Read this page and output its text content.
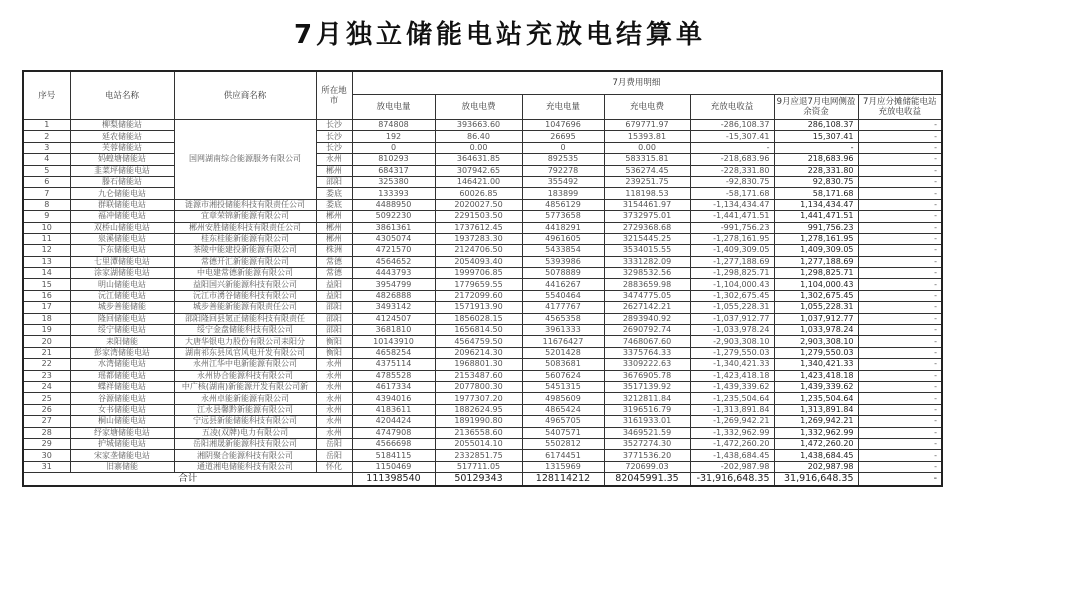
7月独立储能电站充放电结算单
序号	电站名称	供应商名称	所在地市	7月费用明细						
				放电电量	放电电费	充电电量	充电电费	充放电收益	9月应退7月电网侧盈余资金	7月应分摊储能电站充放电收益
1	柳梨储能站	国网湖南综合能源服务有限公司	长沙	874808	393663.60	1047696	679771.97	-286,108.37	286,108.37	-
2	延农储能站		长沙	192	86.40	26695	15393.81	-15,307.41	15,307.41	-
3	芙蓉储能站		长沙	0	0.00	0	0.00	-	-	-
4	妈蝗塘储能站		永州	810293	364631.85	892535	583315.81	-218,683.96	218,683.96	-
5	韭菜坪储能电站		郴州	684317	307942.65	792278	536274.45	-228,331.80	228,331.80	-
6	滕石储能站		邵阳	325380	146421.00	355492	239251.75	-92,830.75	92,830.75	-
7	九仑储能电站		娄底	133393	60026.85	183899	118198.53	-58,171.68	58,171.68	-
8	群联储能电站	涟源市湘投储能科技有限责任公司	娄底	4488950	2020027.50	4856129	3154461.97	-1,134,434.47	1,134,434.47	-
9	福冲储能电站	宜章荣锦新能源有限公司	郴州	5092230	2291503.50	5773658	3732975.01	-1,441,471.51	1,441,471.51	-
10	双桥山储能电站	郴州安胜储能科技有限责任公司	郴州	3861361	1737612.45	4418291	2729368.68	-991,756.23	991,756.23	-
11	泉溪储能电站	桂东桂能新能源有限公司	郴州	4305074	1937283.30	4961605	3215445.25	-1,278,161.95	1,278,161.95	-
12	下东储能电站	茶陵中能建投新能源有限公司	株洲	4721570	2124706.50	5433854	3534015.55	-1,409,309.05	1,409,309.05	-
13	七里潭储能电站	常德开汇新能源有限公司	常德	4564652	2054093.40	5393986	3331282.09	-1,277,188.69	1,277,188.69	-
14	涂家湖储能电站	中电建常德新能源有限公司	常德	4443793	1999706.85	5078889	3298532.56	-1,298,825.71	1,298,825.71	-
15	明山储能电站	益阳国兴新能源科技有限公司	益阳	3954799	1779659.55	4416267	2883659.98	-1,104,000.43	1,104,000.43	-
16	沅江储能电站	沅江市湧谷储能科技有限公司	益阳	4826888	2172099.60	5540464	3474775.05	-1,302,675.45	1,302,675.45	-
17	城步善能储能	城步善能新能源有限责任公司	邵阳	3493142	1571913.90	4177767	2627142.21	-1,055,228.31	1,055,228.31	-
18	隆回储能电站	邵阳隆回县氪正储能科技有限责任	邵阳	4124507	1856028.15	4565358	2893940.92	-1,037,912.77	1,037,912.77	-
19	绥宁储能电站	绥宁金盘储能科技有限公司	邵阳	3681810	1656814.50	3961333	2690792.74	-1,033,978.24	1,033,978.24	-
20	耒阳储能	大唐华银电力股份有限公司耒阳分	衡阳	10143910	4564759.50	11676427	7468067.60	-2,903,308.10	2,903,308.10	-
21	彭家湾储能电站	湖南祁东县凤官风电开发有限公司	衡阳	4658254	2096214.30	5201428	3375764.33	-1,279,550.03	1,279,550.03	-
22	水湾储能电站	永州江华中电新能源有限公司	永州	4375114	1968801.30	5083681	3309222.63	-1,340,421.33	1,340,421.33	-
23	瑶都储能电站	永州协合能源科技有限公司	永州	4785528	2153487.60	5607624	3676905.78	-1,423,418.18	1,423,418.18	-
24	蝶祥储能电站	中广核(湖南)新能源开发有限公司新	永州	4617334	2077800.30	5451315	3517139.92	-1,439,339.62	1,439,339.62	-
25	谷源储能电站	永州卓能新能源有限公司	永州	4394016	1977307.20	4985609	3212811.84	-1,235,504.64	1,235,504.64	-
26	女书储能电站	江永县馨黔新能源有限公司	永州	4183611	1882624.95	4865424	3196516.79	-1,313,891.84	1,313,891.84	-
27	桐山储能电站	宁远县新能储能科技有限公司	永州	4204424	1891990.80	4965705	3161933.01	-1,269,942.21	1,269,942.21	-
28	纾家塘储能电站	五凌(双牌)电力有限公司	永州	4747908	2136558.60	5407571	3469521.59	-1,332,962.99	1,332,962.99	-
29	护城储能电站	岳阳湘晟新能源科技有限公司	岳阳	4566698	2055014.10	5502812	3527274.30	-1,472,260.20	1,472,260.20	-
30	宋家垄储能电站	湘阴聚合能源科技有限公司	岳阳	5184115	2332851.75	6174451	3771536.20	-1,438,684.45	1,438,684.45	-
31	旧寨储能	通道湘电储能科技有限公司	怀化	1150469	517711.05	1315969	720699.03	-202,987.98	202,987.98	-
合计				111398540	50129343	128114212	82045991.35	-31,916,648.35	31,916,648.35	-
